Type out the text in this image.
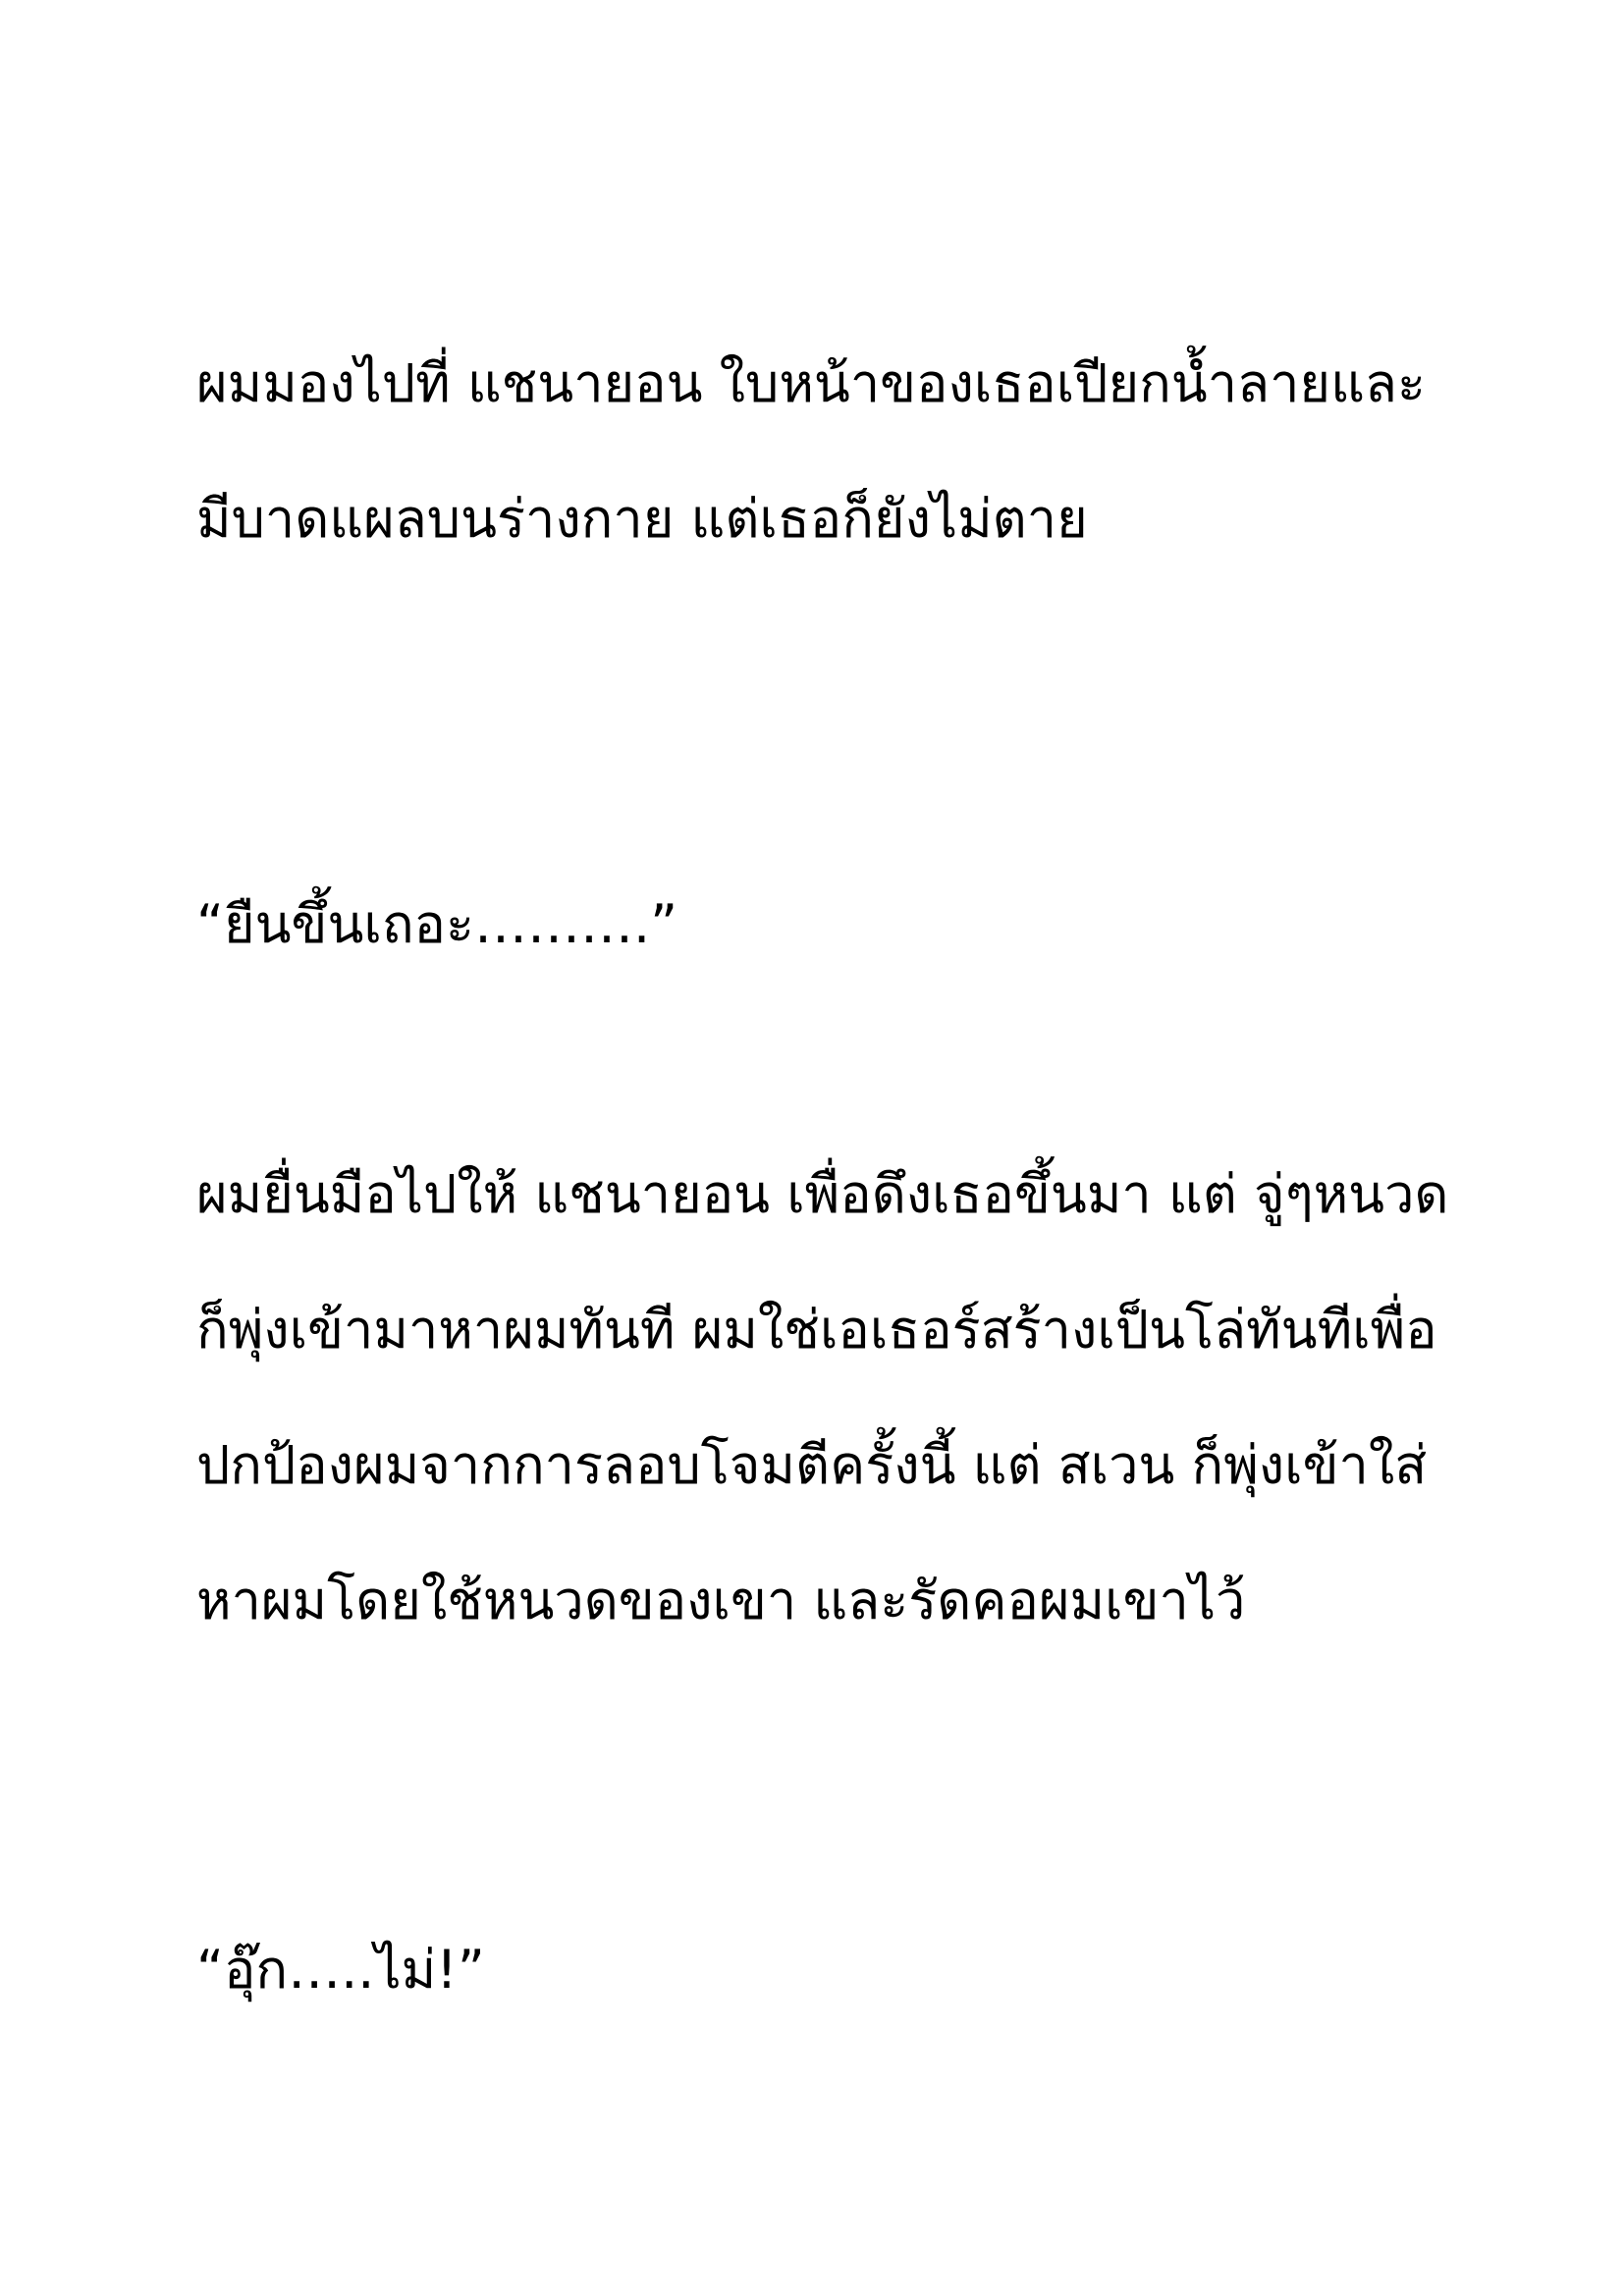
ผมมองไปที่ แชนายอน ใบหน้าของเธอเปียกน้ำลายและ
มีบาดแผลบนร่างกาย แต่เธอก็ยังไม่ตาย

“ยืนขึ้นเถอะ……….”

ผมยื่นมือไปให้ แชนายอน เพื่อดึงเธอขึ้นมา แต่ จู่ๆหนวด
ก็พุ่งเข้ามาหาผมทันที ผมใช่เอเธอร์สร้างเป็นโล่ทันทีเพื่อ
ปกป้องผมจากการลอบโจมตีครั้งนี้ แต่ สเวน ก็พุ่งเข้าใส่
หาผมโดยใช้หนวดของเขา และรัดคอผมเขาไว้

“อุ๊ก…..ไม่!”
